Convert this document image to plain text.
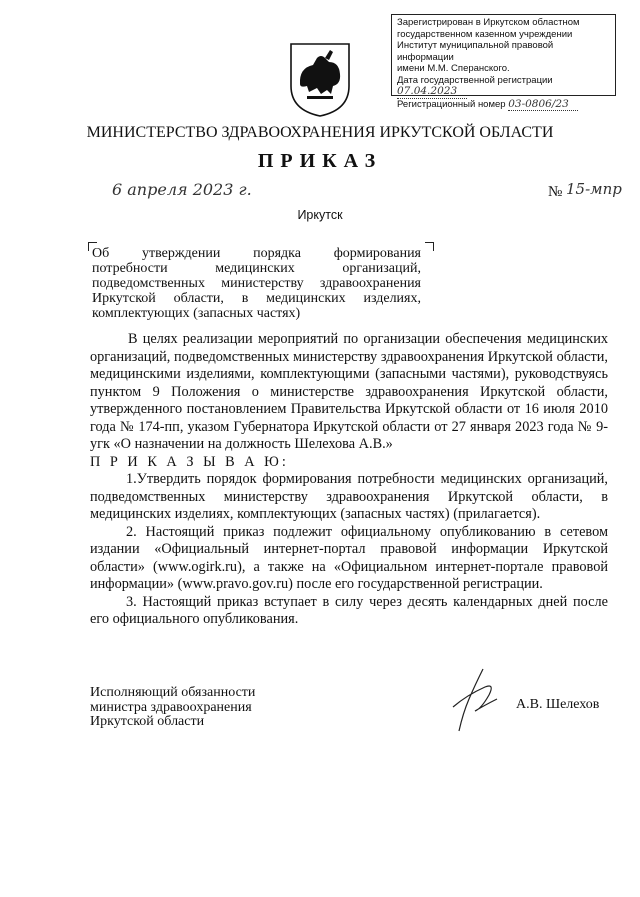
Зарегистрирован в Иркутском областном
государственном казенном учреждении
Институт муниципальной правовой информации
имени М.М. Сперанского.
Дата государственной регистрации 07.04.2023
Регистрационный номер 03-0806/23
МИНИСТЕРСТВО ЗДРАВООХРАНЕНИЯ ИРКУТСКОЙ ОБЛАСТИ
ПРИКАЗ
6 апреля 2023 г.	№ 15-мпр
Иркутск
Об утверждении порядка формирования
потребности медицинских организаций,
подведомственных министерству здравоохранения
Иркутской области, в медицинских изделиях,
комплектующих (запасных частях)

В целях реализации мероприятий по организации обеспечения медицинских организаций, подведомственных министерству здравоохранения Иркутской области, медицинскими изделиями, комплектующими (запасными частями), руководствуясь пунктом 9 Положения о министерстве здравоохранения Иркутской области, утвержденного постановлением Правительства Иркутской области от 16 июля 2010 года № 174-пп, указом Губернатора Иркутской области от 27 января 2023 года № 9-угк «О назначении на должность Шелехова А.В.»

П Р И К А З Ы В А Ю:

1.Утвердить порядок формирования потребности медицинских организаций, подведомственных министерству здравоохранения Иркутской области, в медицинских изделиях, комплектующих (запасных частях) (прилагается).

2. Настоящий приказ подлежит официальному опубликованию в сетевом издании «Официальный интернет-портал правовой информации Иркутской области» (www.ogirk.ru), а также на «Официальном интернет-портале правовой информации» (www.pravo.gov.ru) после его государственной регистрации.

3. Настоящий приказ вступает в силу через десять календарных дней после его официального опубликования.

Исполняющий обязанности
министра здравоохранения
Иркутской области
А.В. Шелехов
